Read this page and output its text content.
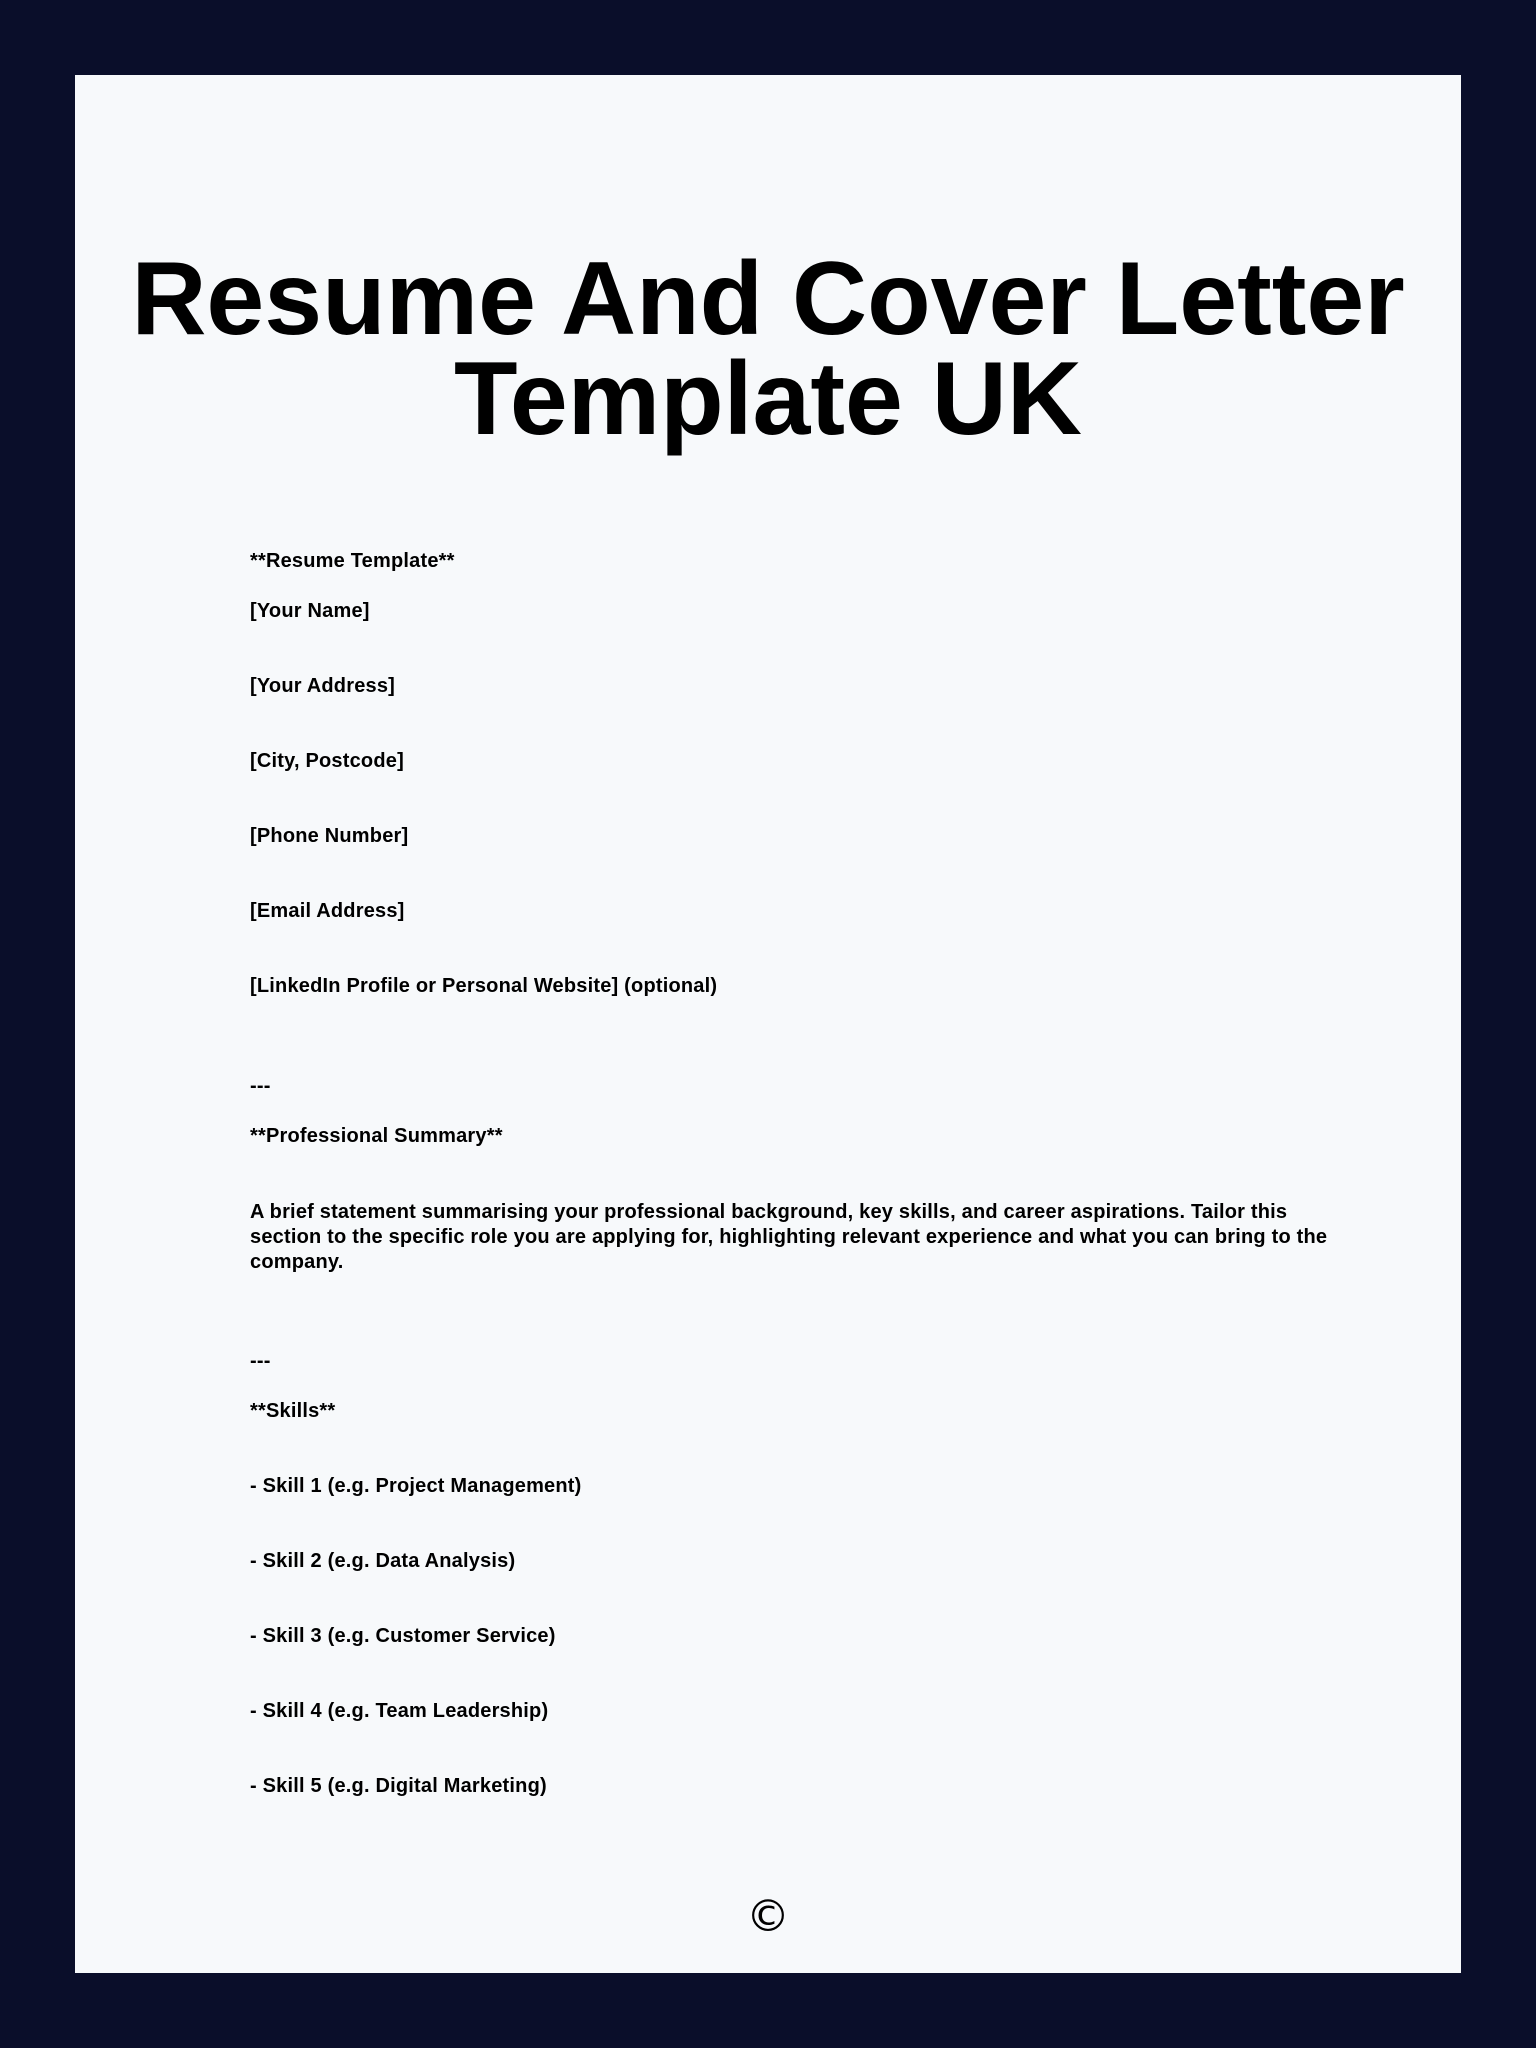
Resume And Cover Letter
Template UK

**Resume Template**

[Your Name]

[Your Address]

[City, Postcode]

[Phone Number]

[Email Address]

[LinkedIn Profile or Personal Website] (optional)

---

**Professional Summary**

A brief statement summarising your professional background, key skills, and career aspirations. Tailor this section to the specific role you are applying for, highlighting relevant experience and what you can bring to the company.

---

**Skills**

- Skill 1 (e.g. Project Management)

- Skill 2 (e.g. Data Analysis)

- Skill 3 (e.g. Customer Service)

- Skill 4 (e.g. Team Leadership)

- Skill 5 (e.g. Digital Marketing)

©
